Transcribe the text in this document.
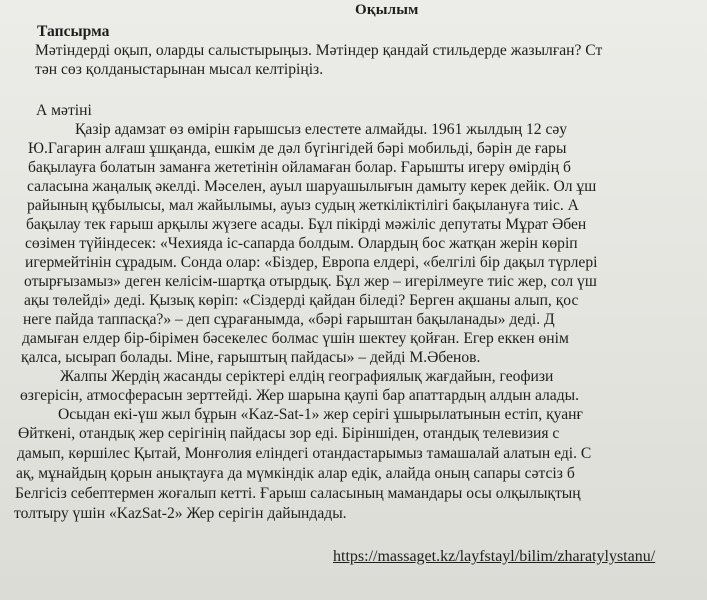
Оқылым
Тапсырма
Мәтіндерді оқып, оларды салыстырыңыз. Мәтіндер қандай стильдерде жазылған? Ст
тән сөз қолданыстарынан мысал келтіріңіз.
А мәтіні
Қазір адамзат өз өмірін ғарышсыз елестете алмайды. 1961 жылдың 12 сәу
Ю.Гагарин алғаш ұшқанда, ешкім де дәл бүгінгідей бәрі мобильді, бәрін де ғары
бақылауға болатын заманға жететінін ойламаған болар. Ғарышты игеру өмірдің б
саласына жаңалық әкелді. Мәселен, ауыл шаруашылығын дамыту керек дейік. Ол ұш
райының құбылысы, мал жайылымы, ауыз судың жеткіліктілігі бақылануға тиіс. А
бақылау тек ғарыш арқылы жүзеге асады. Бұл пікірді мәжіліс депутаты Мұрат Әбен
сөзімен түйіндесек: «Чехияда іс-сапарда болдым. Олардың бос жатқан жерін көріп
игермейтінін сұрадым. Сонда олар: «Біздер, Европа елдері, «белгілі бір дақыл түрлері
отырғызамыз» деген келісім-шартқа отырдық. Бұл жер – игерілмеуге тиіс жер, сол үш
ақы төлейді» деді. Қызық көріп: «Сіздерді қайдан біледі? Берген ақшаны алып, қос
неге пайда таппасқа?» – деп сұрағанымда, «бәрі ғарыштан бақыланады» деді. Д
дамыған елдер бір-бірімен бәсекелес болмас үшін шектеу қойған. Егер еккен өнім
қалса, ысырап болады. Міне, ғарыштың пайдасы» – дейді М.Әбенов.
Жалпы Жердің жасанды серіктері елдің географиялық жағдайын, геофизи
өзгерісін, атмосферасын зерттейді. Жер шарына қаупі бар апаттардың алдын алады.
Осыдан екі-үш жыл бұрын «Kaz-Sat-1» жер серігі ұшырылатынын естіп, қуанғ
Өйткені, отандық жер серігінің пайдасы зор еді. Біріншіден, отандық телевизия с
дамып, көршілес Қытай, Монғолия еліндегі отандастарымыз тамашалай алатын еді. С
ақ, мұнайдың қорын анықтауға да мүмкіндік алар едік, алайда оның сапары сәтсіз б
Белгісіз себептермен жоғалып кетті. Ғарыш саласының мамандары осы олқылықтың
толтыру үшін «KazSat-2» Жер серігін дайындады.
https://massaget.kz/layfstayl/bilim/zharatylystanu/
